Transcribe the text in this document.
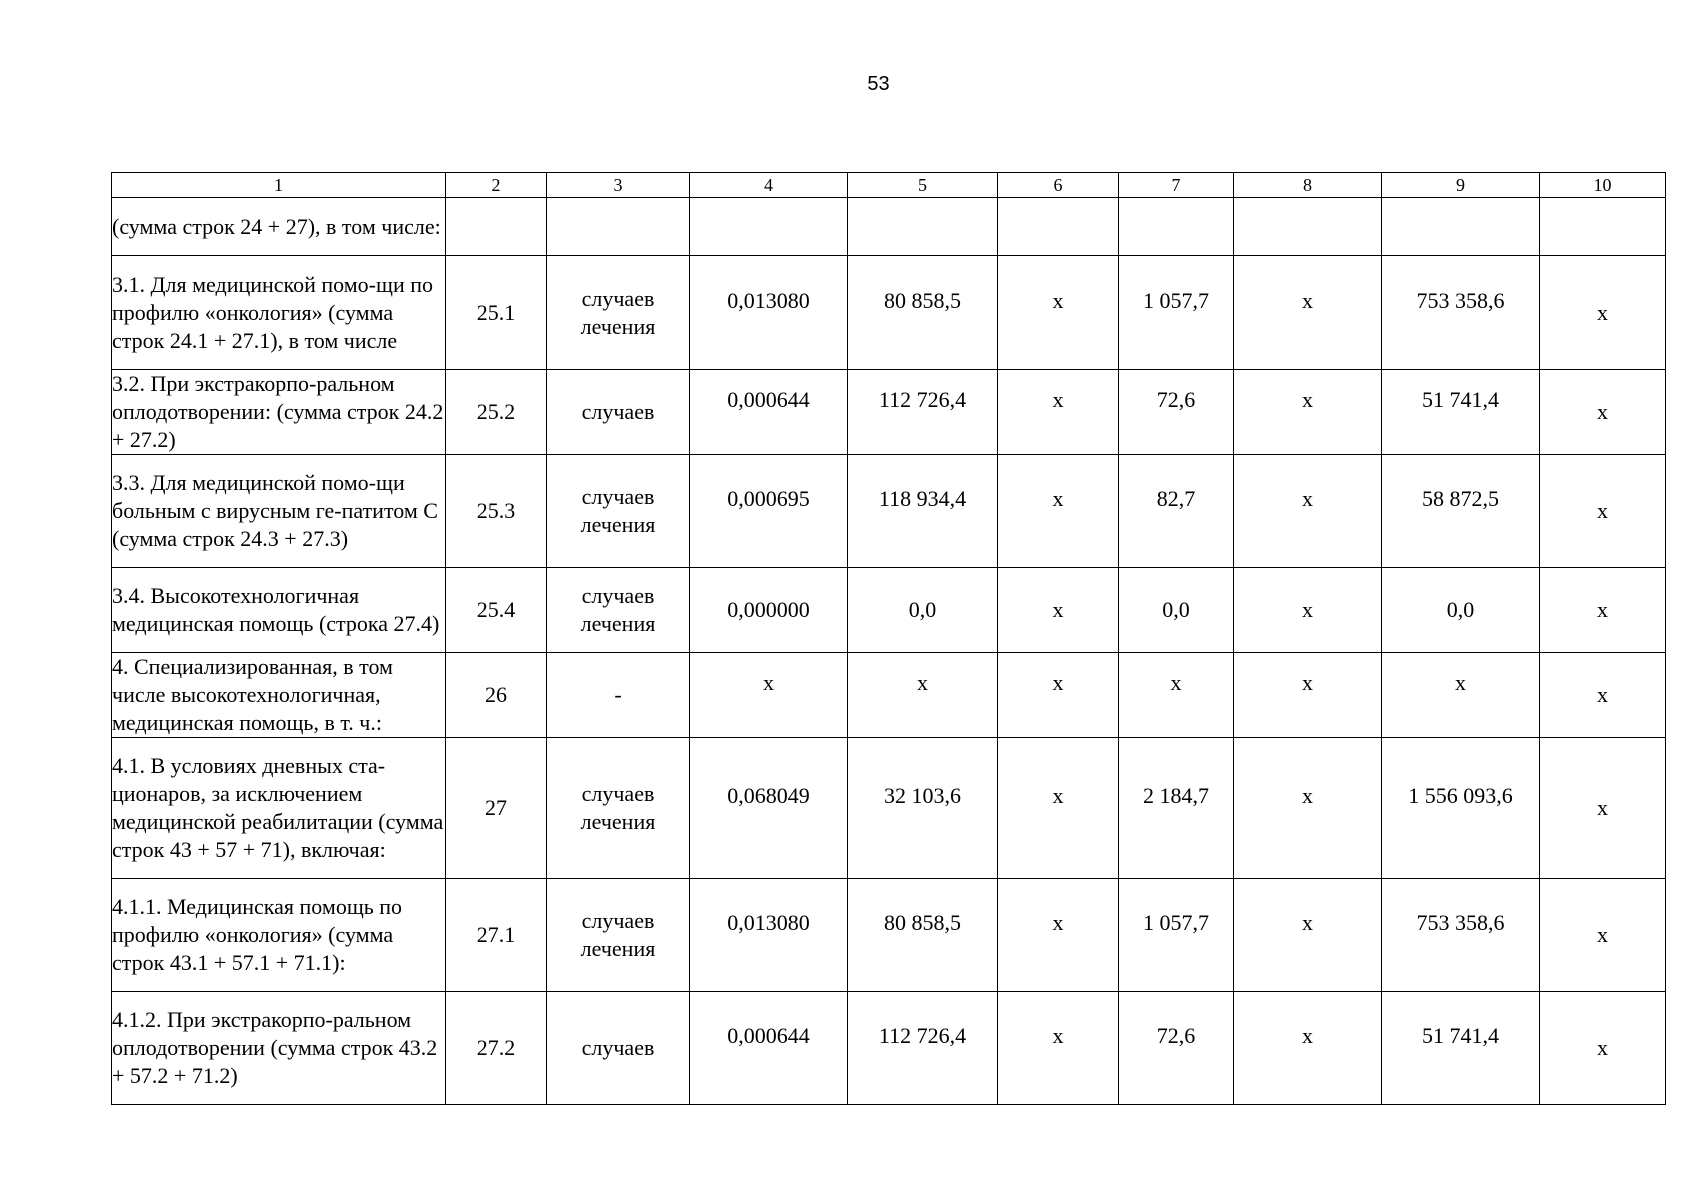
53
1	2	3	4	5	6	7	8	9	10
(сумма строк 24 + 27), в том числе:									
3.1. Для медицинской помо-щи по профилю «онкология» (сумма строк 24.1 + 27.1), в том числе	25.1	случаев лечения	0,013080	80 858,5	х	1 057,7	х	753 358,6	х
3.2. При экстракорпо-ральном оплодотворении: (сумма строк 24.2 + 27.2)	25.2	случаев	0,000644	112 726,4	х	72,6	х	51 741,4	х
3.3. Для медицинской помо-щи больным с вирусным ге-патитом С (сумма строк 24.3 + 27.3)	25.3	случаев лечения	0,000695	118 934,4	х	82,7	х	58 872,5	х
3.4. Высокотехнологичная медицинская помощь (строка 27.4)	25.4	случаев лечения	0,000000	0,0	х	0,0	х	0,0	х
4. Специализированная, в том числе высокотехнологичная, медицинская помощь, в т. ч.:	26	-	х	х	х	х	х	х	х
4.1. В условиях дневных ста-ционаров, за исключением медицинской реабилитации (сумма строк 43 + 57 + 71), включая:	27	случаев лечения	0,068049	32 103,6	х	2 184,7	х	1 556 093,6	х
4.1.1. Медицинская помощь по профилю «онкология» (сумма строк 43.1 + 57.1 + 71.1):	27.1	случаев лечения	0,013080	80 858,5	х	1 057,7	х	753 358,6	х
4.1.2. При экстракорпо-ральном оплодотворении (сумма строк 43.2 + 57.2 + 71.2)	27.2	случаев	0,000644	112 726,4	х	72,6	х	51 741,4	х
